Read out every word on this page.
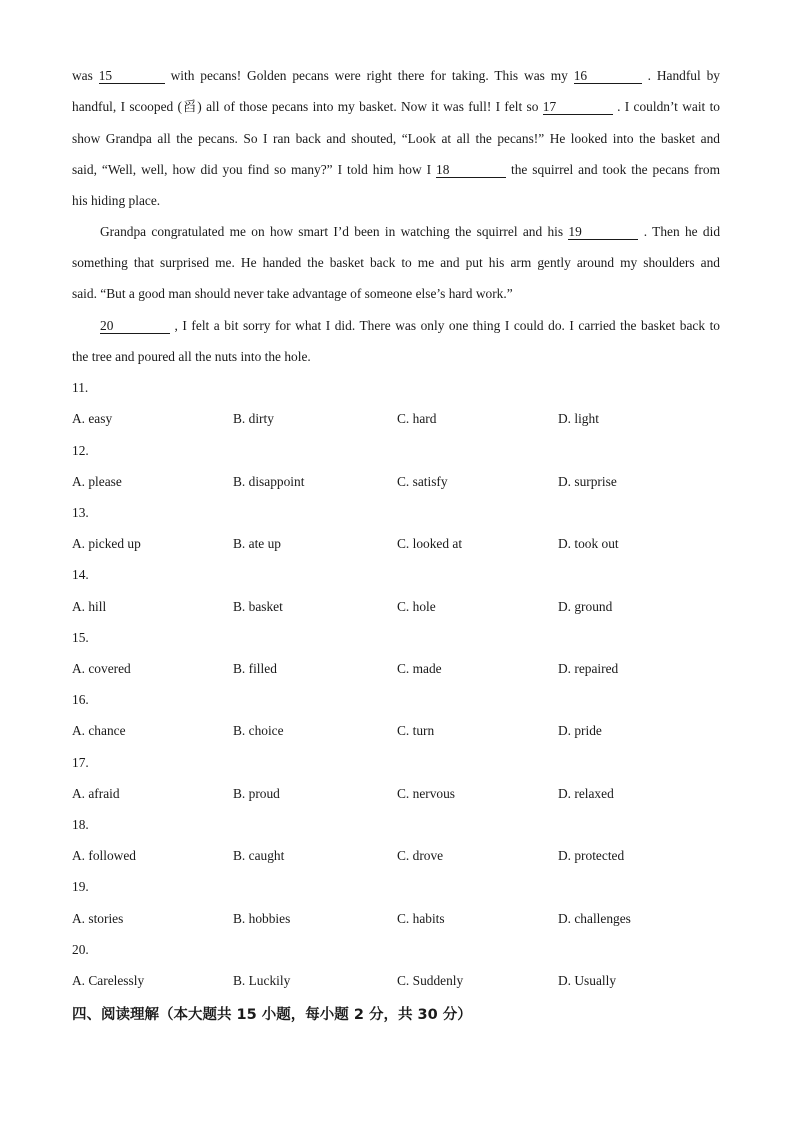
was 15	with pecans! Golden pecans were right there for taking. This was my 16	. Handful by
handful, I scooped (舀) all of those pecans into my basket. Now it was full! I felt so 17	. I couldn’t wait to
show Grandpa all the pecans. So I ran back and shouted, “Look at all the pecans!” He looked into the basket and
said, “Well, well, how did you find so many?” I told him how I 18	the squirrel and took the pecans from
his hiding place.
Grandpa congratulated me on how smart I’d been in watching the squirrel and his 19	. Then he did
something that surprised me. He handed the basket back to me and put his arm gently around my shoulders and
said. “But a good man should never take advantage of someone else’s hard work.”
20	, I felt a bit sorry for what I did. There was only one thing I could do. I carried the basket back to
the tree and poured all the nuts into the hole.
11.
A. easy	B. dirty	C. hard	D. light
12.
A. please	B. disappoint	C. satisfy	D. surprise
13.
A. picked up	B. ate up	C. looked at	D. took out
14.
A. hill	B. basket	C. hole	D. ground
15.
A. covered	B. filled	C. made	D. repaired
16.
A. chance	B. choice	C. turn	D. pride
17.
A. afraid	B. proud	C. nervous	D. relaxed
18.
A. followed	B. caught	C. drove	D. protected
19.
A. stories	B. hobbies	C. habits	D. challenges
20.
A. Carelessly	B. Luckily	C. Suddenly	D. Usually
四、阅读理解（本大题共 15 小题，每小题 2 分，共 30 分）
